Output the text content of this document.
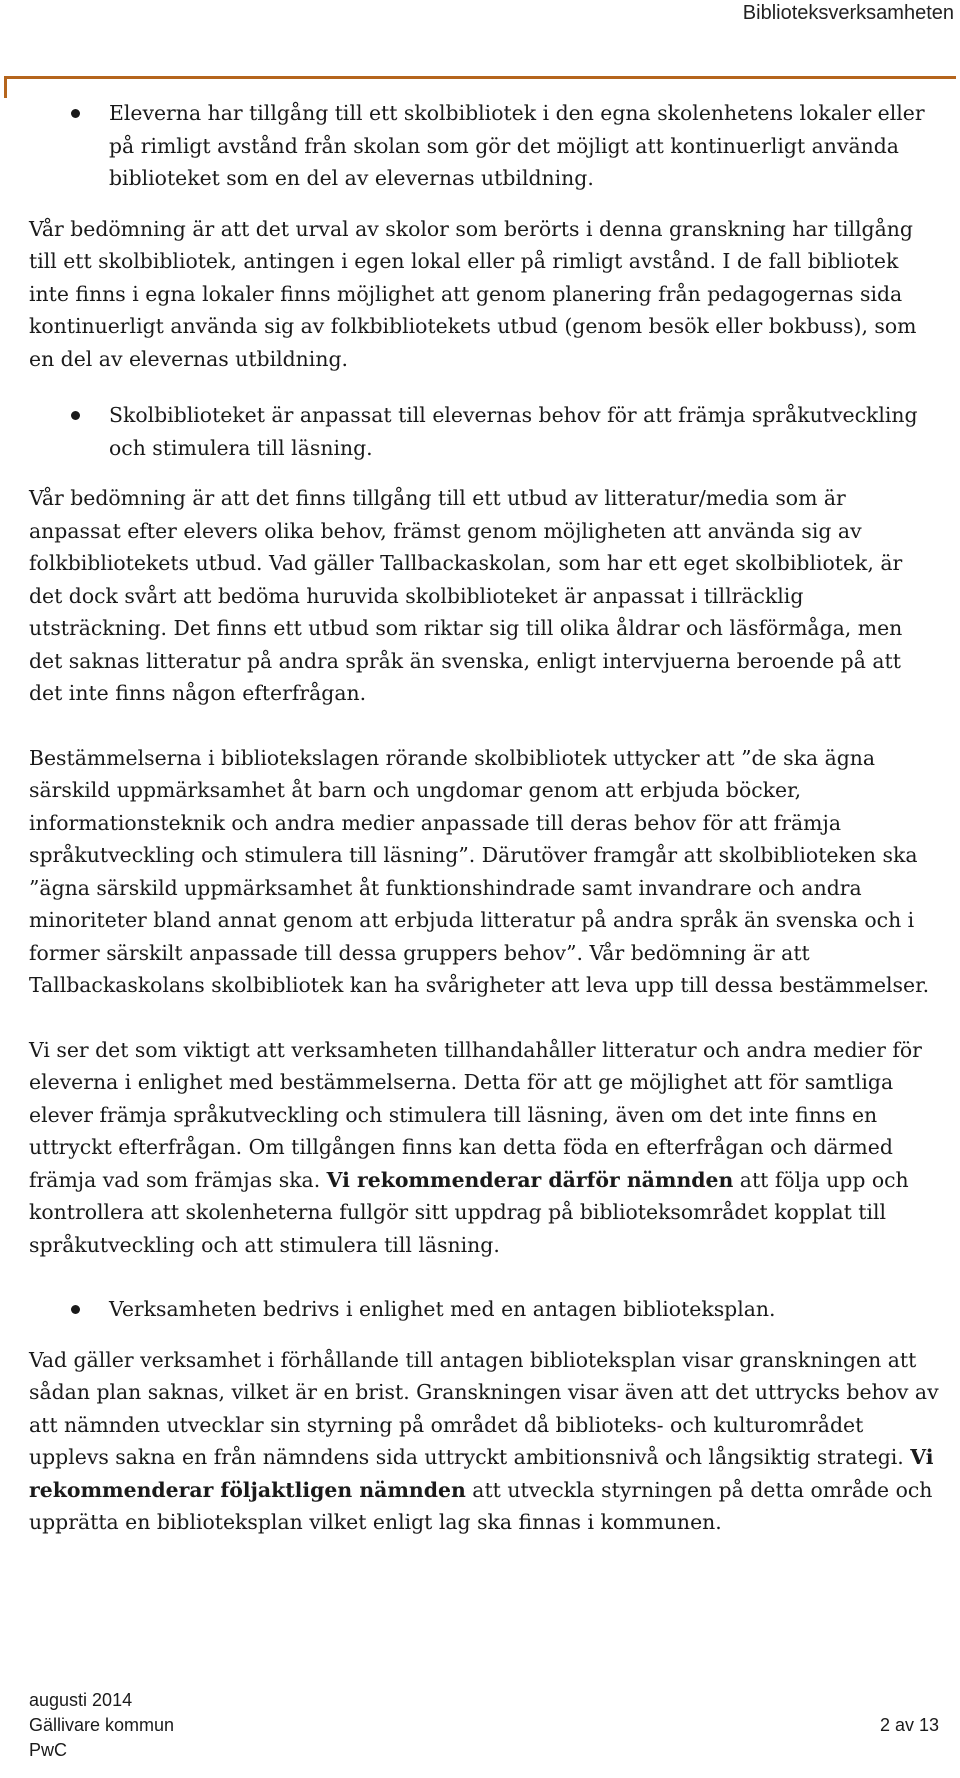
Biblioteksverksamheten
Eleverna har tillgång till ett skolbibliotek i den egna skolenhetens lokaler eller på rimligt avstånd från skolan som gör det möjligt att kontinuerligt använda biblioteket som en del av elevernas utbildning.

Vår bedömning är att det urval av skolor som berörts i denna granskning har tillgång till ett skolbibliotek, antingen i egen lokal eller på rimligt avstånd. I de fall bibliotek inte finns i egna lokaler finns möjlighet att genom planering från pedagogernas sida kontinuerligt använda sig av folkbibliotekets utbud (genom besök eller bokbuss), som en del av elevernas utbildning.

Skolbiblioteket är anpassat till elevernas behov för att främja språkutveckling och stimulera till läsning.

Vår bedömning är att det finns tillgång till ett utbud av litteratur/media som är anpassat efter elevers olika behov, främst genom möjligheten att använda sig av folkbibliotekets utbud. Vad gäller Tallbackaskolan, som har ett eget skolbibliotek, är det dock svårt att bedöma huruvida skolbiblioteket är anpassat i tillräcklig utsträckning. Det finns ett utbud som riktar sig till olika åldrar och läsförmåga, men det saknas litteratur på andra språk än svenska, enligt intervjuerna beroende på att det inte finns någon efterfrågan.

Bestämmelserna i bibliotekslagen rörande skolbibliotek uttycker att ”de ska ägna särskild uppmärksamhet åt barn och ungdomar genom att erbjuda böcker, informationsteknik och andra medier anpassade till deras behov för att främja språkutveckling och stimulera till läsning”. Därutöver framgår att skolbiblioteken ska ”ägna särskild uppmärksamhet åt funktionshindrade samt invandrare och andra minoriteter bland annat genom att erbjuda litteratur på andra språk än svenska och i former särskilt anpassade till dessa gruppers behov”. Vår bedömning är att Tallbackaskolans skolbibliotek kan ha svårigheter att leva upp till dessa bestämmelser.

Vi ser det som viktigt att verksamheten tillhandahåller litteratur och andra medier för eleverna i enlighet med bestämmelserna. Detta för att ge möjlighet att för samtliga elever främja språkutveckling och stimulera till läsning, även om det inte finns en uttryckt efterfrågan. Om tillgången finns kan detta föda en efterfrågan och därmed främja vad som främjas ska. Vi rekommenderar därför nämnden att följa upp och kontrollera att skolenheterna fullgör sitt uppdrag på biblioteksområdet kopplat till språkutveckling och att stimulera till läsning.

Verksamheten bedrivs i enlighet med en antagen biblioteksplan.

Vad gäller verksamhet i förhållande till antagen biblioteksplan visar granskningen att sådan plan saknas, vilket är en brist. Granskningen visar även att det uttrycks behov av att nämnden utvecklar sin styrning på området då biblioteks- och kulturområdet upplevs sakna en från nämndens sida uttryckt ambitionsnivå och långsiktig strategi. Vi rekommenderar följaktligen nämnden att utveckla styrningen på detta område och upprätta en biblioteksplan vilket enligt lag ska finnas i kommunen.

augusti 2014
Gällivare kommun	2 av 13
PwC
